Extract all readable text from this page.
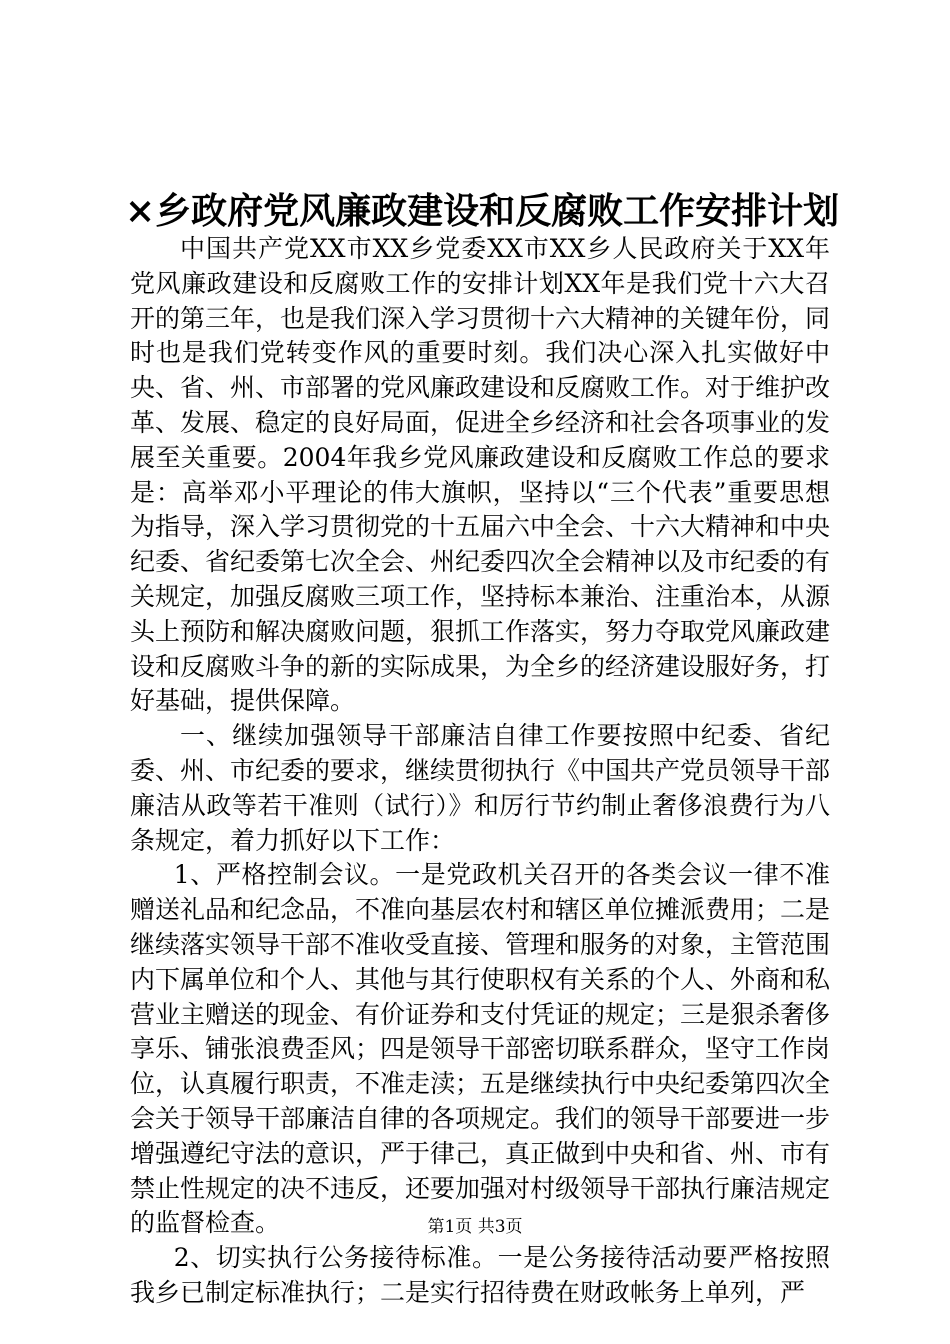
×乡政府党风廉政建设和反腐败工作安排计划

中国共产党XX市XX乡党委XX市XX乡人民政府关于XX年党风廉政建设和反腐败工作的安排计划XX年是我们党十六大召开的第三年，也是我们深入学习贯彻十六大精神的关键年份，同时也是我们党转变作风的重要时刻。我们决心深入扎实做好中央、省、州、市部署的党风廉政建设和反腐败工作。对于维护改革、发展、稳定的良好局面，促进全乡经济和社会各项事业的发展至关重要。2004年我乡党风廉政建设和反腐败工作总的要求是：高举邓小平理论的伟大旗帜，坚持以“三个代表”重要思想为指导，深入学习贯彻党的十五届六中全会、十六大精神和中央纪委、省纪委第七次全会、州纪委四次全会精神以及市纪委的有关规定，加强反腐败三项工作，坚持标本兼治、注重治本，从源头上预防和解决腐败问题，狠抓工作落实，努力夺取党风廉政建设和反腐败斗争的新的实际成果，为全乡的经济建设服好务，打好基础，提供保障。

一、继续加强领导干部廉洁自律工作要按照中纪委、省纪委、州、市纪委的要求，继续贯彻执行《中国共产党员领导干部廉洁从政等若干准则（试行）》和厉行节约制止奢侈浪费行为八条规定，着力抓好以下工作：

1、严格控制会议。一是党政机关召开的各类会议一律不准赠送礼品和纪念品，不准向基层农村和辖区单位摊派费用；二是继续落实领导干部不准收受直接、管理和服务的对象，主管范围内下属单位和个人、其他与其行使职权有关系的个人、外商和私营业主赠送的现金、有价证券和支付凭证的规定；三是狠杀奢侈享乐、铺张浪费歪风；四是领导干部密切联系群众，坚守工作岗位，认真履行职责，不准走渎；五是继续执行中央纪委第四次全会关于领导干部廉洁自律的各项规定。我们的领导干部要进一步增强遵纪守法的意识，严于律己，真正做到中央和省、州、市有禁止性规定的决不违反，还要加强对村级领导干部执行廉洁规定的监督检查。

2、切实执行公务接待标准。一是公务接待活动要严格按照我乡已制定标准执行；二是实行招待费在财政帐务上单列，严

第1页 共3页
